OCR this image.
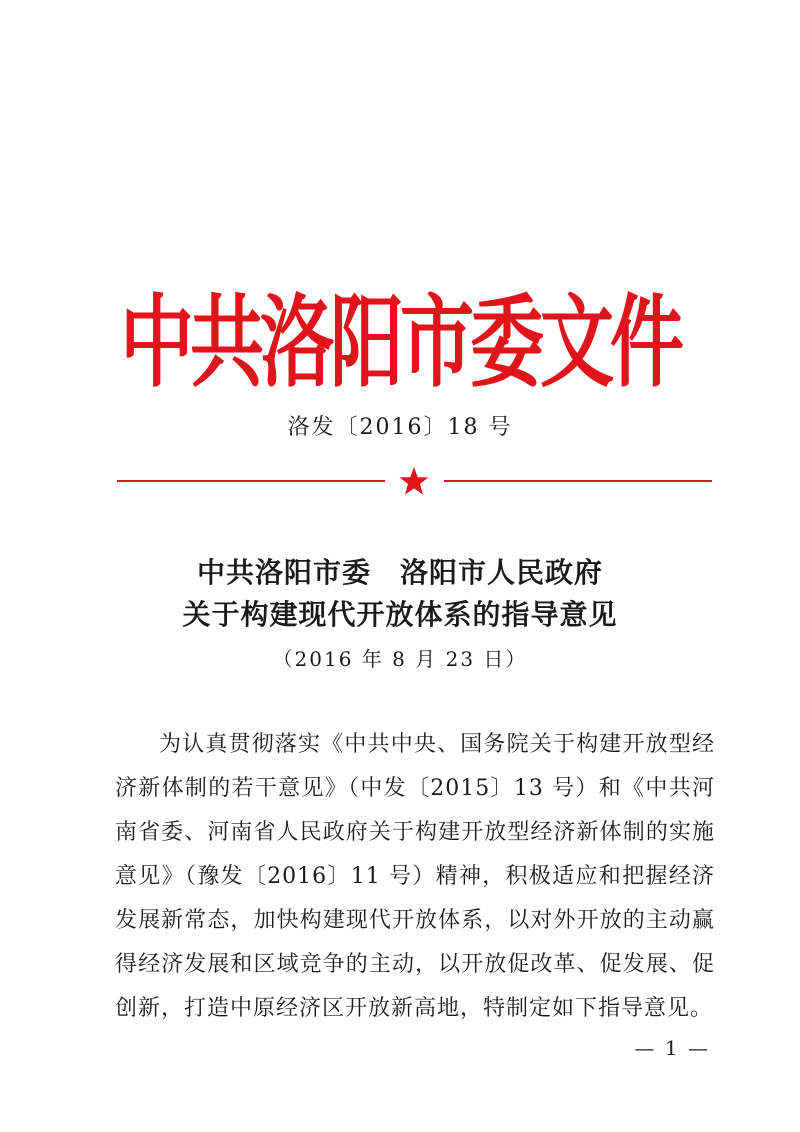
中共洛阳市委文件
洛发〔2016〕18 号
中共洛阳市委　洛阳市人民政府
关于构建现代开放体系的指导意见
（2016 年 8 月 23 日）
为认真贯彻落实《中共中央、国务院关于构建开放型经济新体制的若干意见》（中发〔2015〕13 号）和《中共河南省委、河南省人民政府关于构建开放型经济新体制的实施意见》（豫发〔2016〕11 号）精神，积极适应和把握经济发展新常态，加快构建现代开放体系，以对外开放的主动赢得经济发展和区域竞争的主动，以开放促改革、促发展、促创新，打造中原经济区开放新高地，特制定如下指导意见。
— 1 —
